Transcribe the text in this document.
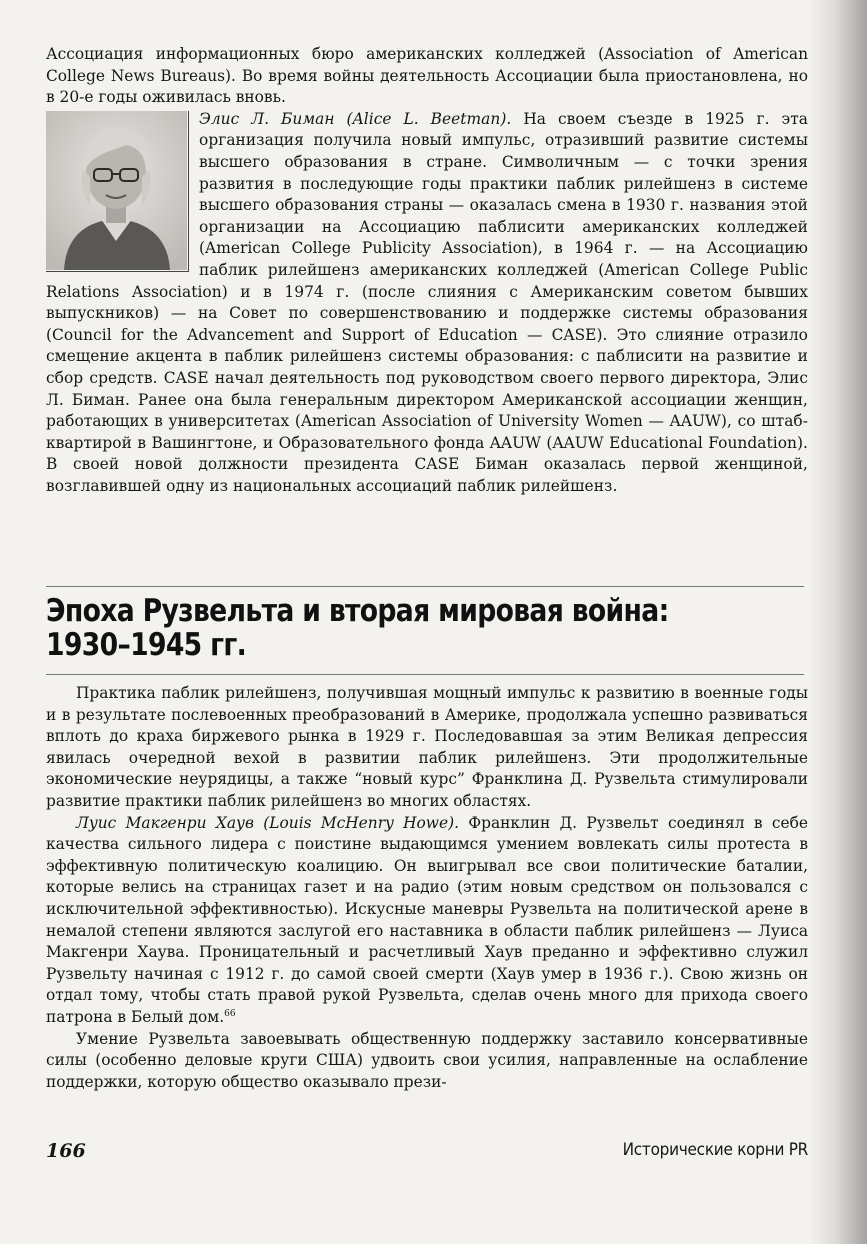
Ассоциация информационных бюро американских колледжей (Association of American College News Bureaus). Во время войны деятельность Ассоциации была приостановлена, но в 20-е годы оживилась вновь.

Элис Л. Биман (Alice L. Beetman). На своем съезде в 1925 г. эта организация получила новый импульс, отразивший развитие системы высшего образования в стране. Символичным — с точки зрения развития в последующие годы практики паблик рилейшенз в системе высшего образования страны — оказалась смена в 1930 г. названия этой организации на Ассоциацию паблисити американских колледжей (American College Publicity Association), в 1964 г. — на Ассоциацию паблик рилейшенз американских колледжей (American College Public Relations Association) и в 1974 г. (после слияния с Американским советом бывших выпускников) — на Совет по совершенствованию и поддержке системы образования (Council for the Advancement and Support of Education — CASE). Это слияние отразило смещение акцента в паблик рилейшенз системы образования: с паблисити на развитие и сбор средств. CASE начал деятельность под руководством своего первого директора, Элис Л. Биман. Ранее она была генеральным директором Американской ассоциации женщин, работающих в университетах (American Association of University Women — AAUW), со штаб-квартирой в Вашингтоне, и Образовательного фонда AAUW (AAUW Educational Foundation). В своей новой должности президента CASE Биман оказалась первой женщиной, возглавившей одну из национальных ассоциаций паблик рилейшенз.
Эпоха Рузвельта и вторая мировая война:
1930–1945 гг.

Практика паблик рилейшенз, получившая мощный импульс к развитию в военные годы и в результате послевоенных преобразований в Америке, продолжала успешно развиваться вплоть до краха биржевого рынка в 1929 г. Последовавшая за этим Великая депрессия явилась очередной вехой в развитии паблик рилейшенз. Эти продолжительные экономические неурядицы, а также “новый курс” Франклина Д. Рузвельта стимулировали развитие практики паблик рилейшенз во многих областях.

Луис Макгенри Хаув (Louis McHenry Howe). Франклин Д. Рузвельт соединял в себе качества сильного лидера с поистине выдающимся умением вовлекать силы протеста в эффективную политическую коалицию. Он выигрывал все свои политические баталии, которые велись на страницах газет и на радио (этим новым средством он пользовался с исключительной эффективностью). Искусные маневры Рузвельта на политической арене в немалой степени являются заслугой его наставника в области паблик рилейшенз — Луиса Макгенри Хаува. Проницательный и расчетливый Хаув преданно и эффективно служил Рузвельту начиная с 1912 г. до самой своей смерти (Хаув умер в 1936 г.). Свою жизнь он отдал тому, чтобы стать правой рукой Рузвельта, сделав очень много для прихода своего патрона в Белый дом.$^{66}$

Умение Рузвельта завоевывать общественную поддержку заставило консервативные силы (особенно деловые круги США) удвоить свои усилия, направленные на ослабление поддержки, которую общество оказывало прези-

166	Исторические корни PR
